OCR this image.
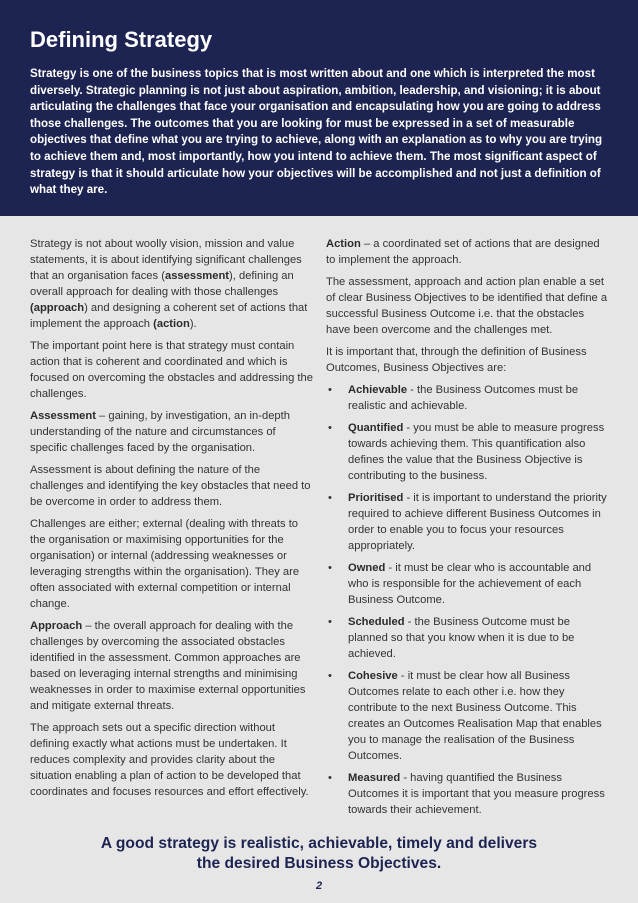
Defining Strategy

Strategy is one of the business topics that is most written about and one which is interpreted the most diversely. Strategic planning is not just about aspiration, ambition, leadership, and visioning; it is about articulating the challenges that face your organisation and encapsulating how you are going to address those challenges. The outcomes that you are looking for must be expressed in a set of measurable objectives that define what you are trying to achieve, along with an explanation as to why you are trying to achieve them and, most importantly, how you intend to achieve them. The most significant aspect of strategy is that it should articulate how your objectives will be accomplished and not just a definition of what they are.

Strategy is not about woolly vision, mission and value statements, it is about identifying significant challenges that an organisation faces (assessment), defining an overall approach for dealing with those challenges (approach) and designing a coherent set of actions that implement the approach (action).

The important point here is that strategy must contain action that is coherent and coordinated and which is focused on overcoming the obstacles and addressing the challenges.

Assessment – gaining, by investigation, an in-depth understanding of the nature and circumstances of specific challenges faced by the organisation.

Assessment is about defining the nature of the challenges and identifying the key obstacles that need to be overcome in order to address them.

Challenges are either; external (dealing with threats to the organisation or maximising opportunities for the organisation) or internal (addressing weaknesses or leveraging strengths within the organisation). They are often associated with external competition or internal change.

Approach – the overall approach for dealing with the challenges by overcoming the associated obstacles identified in the assessment. Common approaches are based on leveraging internal strengths and minimising weaknesses in order to maximise external opportunities and mitigate external threats.

The approach sets out a specific direction without defining exactly what actions must be undertaken. It reduces complexity and provides clarity about the situation enabling a plan of action to be developed that coordinates and focuses resources and effort effectively.

Action – a coordinated set of actions that are designed to implement the approach.

The assessment, approach and action plan enable a set of clear Business Objectives to be identified that define a successful Business Outcome i.e. that the obstacles have been overcome and the challenges met.

It is important that, through the definition of Business Outcomes, Business Objectives are:

• Achievable - the Business Outcomes must be realistic and achievable.
• Quantified - you must be able to measure progress towards achieving them. This quantification also defines the value that the Business Objective is contributing to the business.
• Prioritised - it is important to understand the priority required to achieve different Business Outcomes in order to enable you to focus your resources appropriately.
• Owned - it must be clear who is accountable and who is responsible for the achievement of each Business Outcome.
• Scheduled - the Business Outcome must be planned so that you know when it is due to be achieved.
• Cohesive - it must be clear how all Business Outcomes relate to each other i.e. how they contribute to the next Business Outcome. This creates an Outcomes Realisation Map that enables you to manage the realisation of the Business Outcomes.
• Measured - having quantified the Business Outcomes it is important that you measure progress towards their achievement.
A good strategy is realistic, achievable, timely and delivers
the desired Business Objectives.
2
